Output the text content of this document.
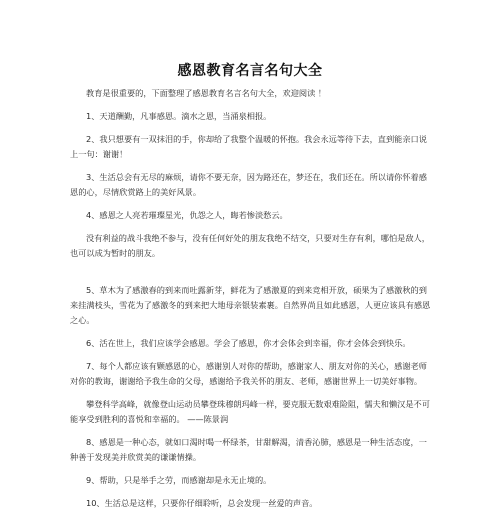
感恩教育名言名句大全

教育是很重要的，下面整理了感恩教育名言名句大全，欢迎阅读 ！

1、天道酬勤，凡事感恩。滴水之恩，当涌泉相报。

2、我只想要有一双抹泪的手，你却给了我整个温暖的怀抱。我会永远等待下去，直到能亲口说上一句：谢谢！

3、生活总会有无尽的麻烦，请你不要无奈，因为路还在，梦还在，我们还在。所以请你怀着感恩的心，尽情欣赏路上的美好风景。

4、感恩之人亮若璀璨星光，仇怨之人，晦若惨淡愁云。

没有利益的战斗我绝不参与，没有任何好处的朋友我绝不结交，只要对生存有利，哪怕是敌人，也可以成为暂时的朋友。

5、草木为了感激春的到来而吐露新芽，鲜花为了感激夏的到来竞相开放，硕果为了感激秋的到来挂满枝头，雪花为了感激冬的到来把大地母亲银装素裹。自然界尚且如此感恩，人更应该具有感恩之心。

6、活在世上，我们应该学会感恩。学会了感恩，你才会体会到幸福，你才会体会到快乐。

7、每个人都应该有颗感恩的心，感谢别人对你的帮助，感谢家人、朋友对你的关心，感谢老师对你的教诲，谢谢给予我生命的父母，感谢给予我关怀的朋友、老师，感谢世界上一切美好事物。

攀登科学高峰，就像登山运动员攀登珠穆朗玛峰一样，要克服无数艰难险阻，懦夫和懒汉是不可能享受到胜利的喜悦和幸福的。 ——陈景润

8、感恩是一种心态，就如口渴时喝一杯绿茶，甘甜解渴，清香沁肺，感恩是一种生活态度，一种善于发现美并欣赏美的谦谦情操。

9、帮助，只是举手之劳，而感谢却是永无止境的。

10、生活总是这样，只要你仔细聆听，总会发现一丝爱的声音。
